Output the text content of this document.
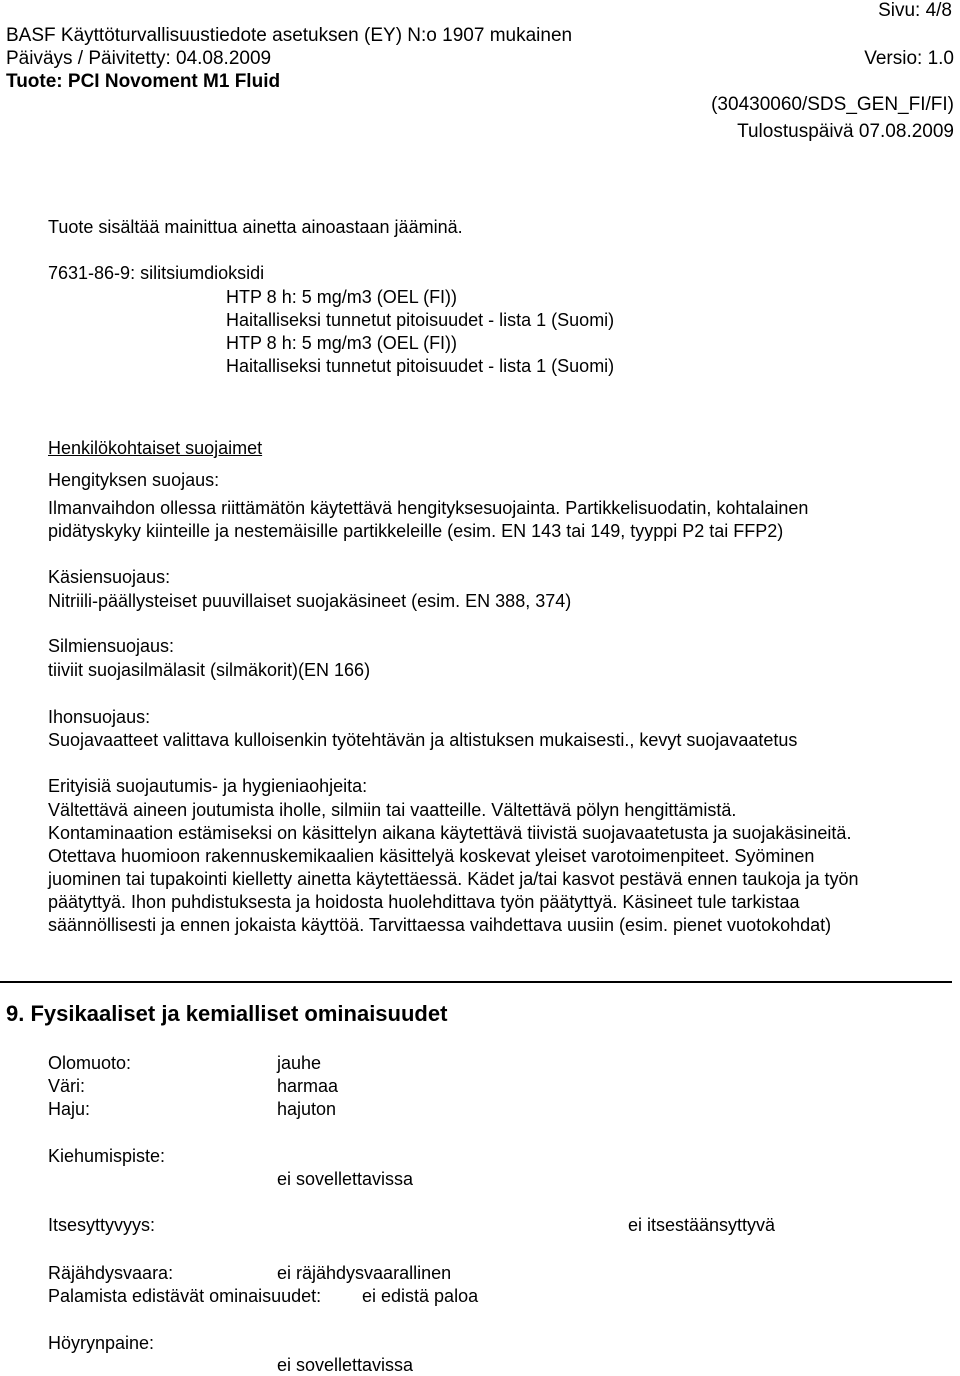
Sivu: 4/8
BASF Käyttöturvallisuustiedote asetuksen (EY) N:o 1907 mukainen
Päiväys / Päivitetty: 04.08.2009	Versio: 1.0
Tuote: PCI Novoment M1 Fluid
(30430060/SDS_GEN_FI/FI)
Tulostuspäivä 07.08.2009
Tuote sisältää mainittua ainetta ainoastaan jääminä.
7631-86-9: silitsiumdioksidi
HTP 8 h: 5 mg/m3 (OEL (FI))
Haitalliseksi tunnetut pitoisuudet - lista 1 (Suomi)
HTP 8 h: 5 mg/m3 (OEL (FI))
Haitalliseksi tunnetut pitoisuudet - lista 1 (Suomi)
Henkilökohtaiset suojaimet
Hengityksen suojaus:
Ilmanvaihdon ollessa riittämätön käytettävä hengityksesuojainta. Partikkelisuodatin, kohtalainen
pidätyskyky kiinteille ja nestemäisille partikkeleille (esim. EN 143 tai 149, tyyppi P2 tai FFP2)
Käsiensuojaus:
Nitriili-päällysteiset puuvillaiset suojakäsineet (esim. EN 388, 374)
Silmiensuojaus:
tiiviit suojasilmälasit (silmäkorit)(EN 166)
Ihonsuojaus:
Suojavaatteet valittava kulloisenkin työtehtävän ja altistuksen mukaisesti., kevyt suojavaatetus
Erityisiä suojautumis- ja hygieniaohjeita:
Vältettävä aineen joutumista iholle, silmiin tai vaatteille. Vältettävä pölyn hengittämistä.
Kontaminaation estämiseksi on käsittelyn aikana käytettävä tiivistä suojavaatetusta ja suojakäsineitä.
Otettava huomioon rakennuskemikaalien käsittelyä koskevat yleiset varotoimenpiteet. Syöminen
juominen tai tupakointi kielletty ainetta käytettäessä. Kädet ja/tai kasvot pestävä ennen taukoja ja työn
päätyttyä. Ihon puhdistuksesta ja hoidosta huolehdittava työn päätyttyä. Käsineet tule tarkistaa
säännöllisesti ja ennen jokaista käyttöä. Tarvittaessa vaihdettava uusiin (esim. pienet vuotokohdat)
9. Fysikaaliset ja kemialliset ominaisuudet
Olomuoto:	jauhe
Väri:	harmaa
Haju:	hajuton
Kiehumispiste:
ei sovellettavissa
Itsesyttyvyys:	ei itsestäänsyttyvä
Räjähdysvaara:	ei räjähdysvaarallinen
Palamista edistävät ominaisuudet: ei edistä paloa
Höyrynpaine:
ei sovellettavissa
